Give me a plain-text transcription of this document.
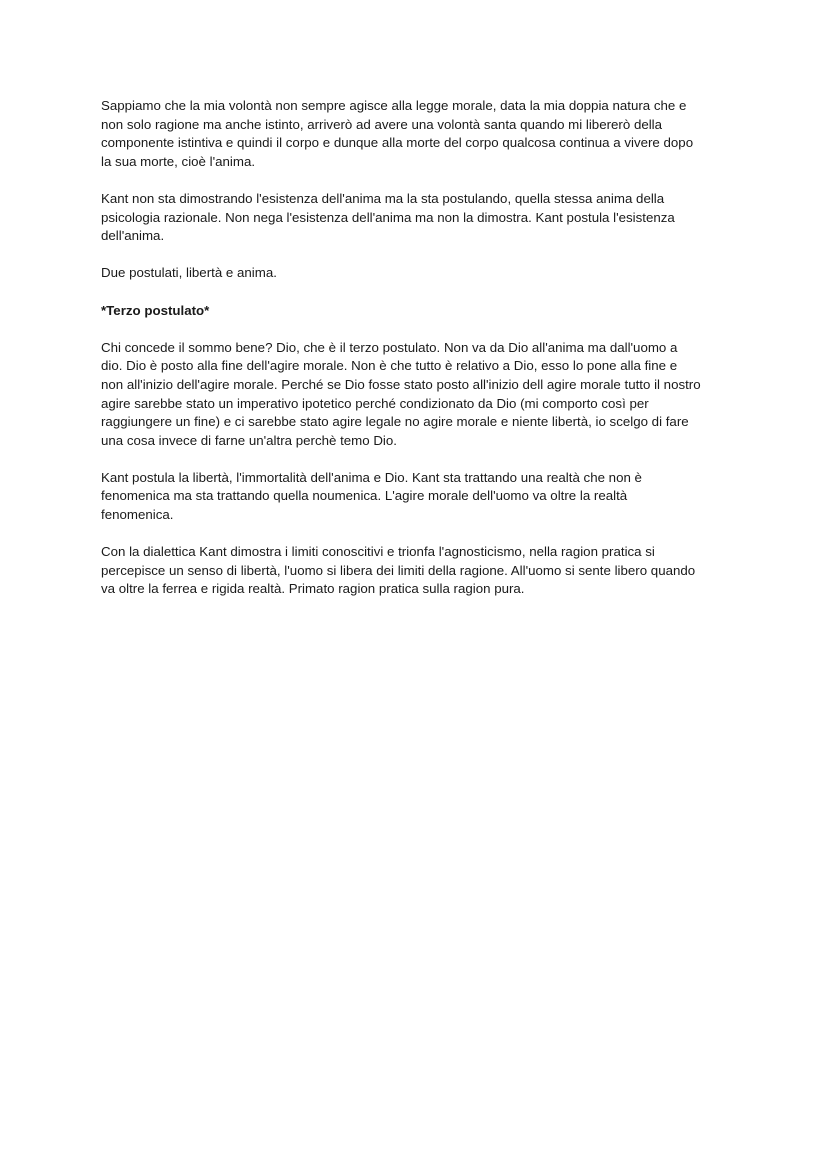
Sappiamo che la mia volontà non sempre agisce alla legge morale, data la mia doppia natura che e
non solo ragione ma anche istinto, arriverò ad avere una volontà santa quando mi libererò della
componente istintiva e quindi il corpo e dunque alla morte del corpo qualcosa continua a vivere dopo
la sua morte, cioè l'anima.

Kant non sta dimostrando l'esistenza dell'anima ma la sta postulando, quella stessa anima della
psicologia razionale. Non nega l'esistenza dell'anima ma non la dimostra. Kant postula l'esistenza
dell'anima.

Due postulati, libertà e anima.

*Terzo postulato*

Chi concede il sommo bene? Dio, che è il terzo postulato. Non va da Dio all'anima ma dall'uomo a
dio. Dio è posto alla fine dell'agire morale. Non è che tutto è relativo a Dio, esso lo pone alla fine e
non all'inizio dell'agire morale. Perché se Dio fosse stato posto all'inizio dell agire morale tutto il nostro
agire sarebbe stato un imperativo ipotetico perché condizionato da Dio (mi comporto così per
raggiungere un fine) e ci sarebbe stato agire legale no agire morale e niente libertà, io scelgo di fare
una cosa invece di farne un'altra perchè temo Dio.

Kant postula la libertà, l'immortalità dell'anima e Dio. Kant sta trattando una realtà che non è
fenomenica ma sta trattando quella noumenica. L'agire morale dell'uomo va oltre la realtà
fenomenica.

Con la dialettica Kant dimostra i limiti conoscitivi e trionfa l'agnosticismo, nella ragion pratica si
percepisce un senso di libertà, l'uomo si libera dei limiti della ragione. All'uomo si sente libero quando
va oltre la ferrea e rigida realtà. Primato ragion pratica sulla ragion pura.
